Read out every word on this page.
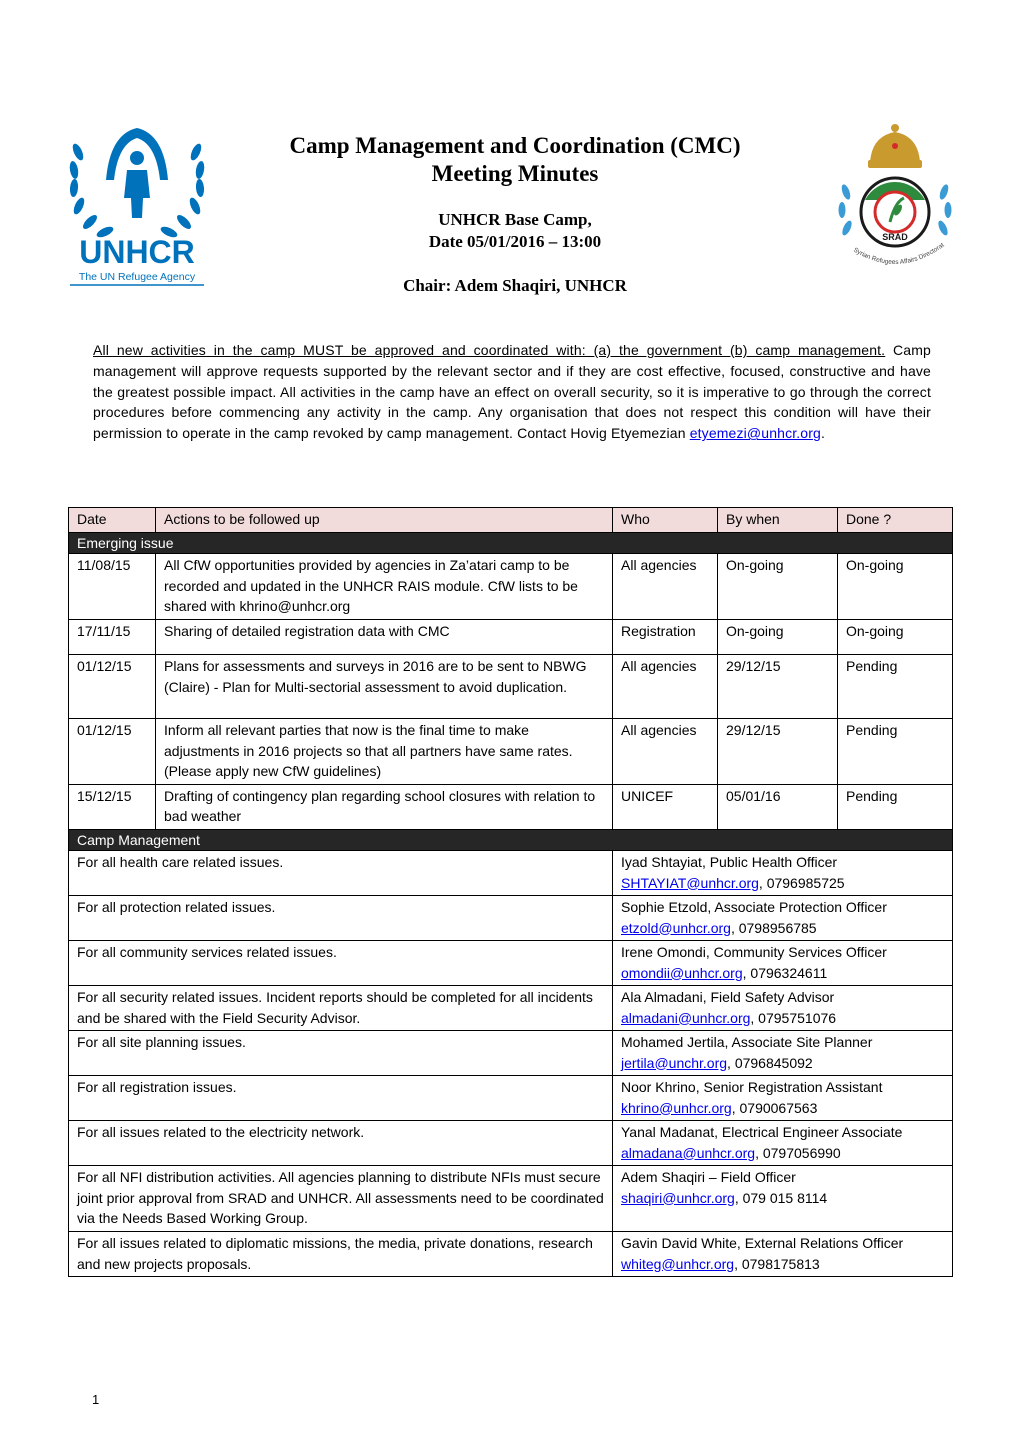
UNHCR
The UN Refugee Agency
SRAD
Syrian Refugees Affairs Directorat
Camp Management and Coordination (CMC)
Meeting Minutes
UNHCR Base Camp,
Date 05/01/2016 – 13:00
Chair: Adem Shaqiri, UNHCR
All new activities in the camp MUST be approved and coordinated with: (a) the government (b) camp management. Camp management will approve requests supported by the relevant sector and if they are cost effective, focused, constructive and have the greatest possible impact. All activities in the camp have an effect on overall security, so it is imperative to go through the correct procedures before commencing any activity in the camp. Any organisation that does not respect this condition will have their permission to operate in the camp revoked by camp management. Contact Hovig Etyemezian etyemezi@unhcr.org.
Date	Actions to be followed up	Who	By when	Done ?
Emerging issue				
11/08/15	All CfW opportunities provided by agencies in Za’atari camp to be recorded and updated in the UNHCR RAIS module. CfW lists to be shared with khrino@unhcr.org	All agencies	On-going	On-going
17/11/15	Sharing of detailed registration data with CMC	Registration	On-going	On-going
01/12/15	Plans for assessments and surveys in 2016 are to be sent to NBWG (Claire) - Plan for Multi-sectorial assessment to avoid duplication.	All agencies	29/12/15	Pending
01/12/15	Inform all relevant parties that now is the final time to make adjustments in 2016 projects so that all partners have same rates. (Please apply new CfW guidelines)	All agencies	29/12/15	Pending
15/12/15	Drafting of contingency plan regarding school closures with relation to bad weather	UNICEF	05/01/16	Pending
Camp Management				
For all health care related issues.		Iyad Shtayiat, Public Health Officer
SHTAYIAT@unhcr.org, 0796985725		
For all protection related issues.		Sophie Etzold, Associate Protection Officer
etzold@unhcr.org, 0798956785		
For all community services related issues.		Irene Omondi, Community Services Officer
omondii@unhcr.org, 0796324611		
For all security related issues. Incident reports should be completed for all incidents and be shared with the Field Security Advisor.		Ala Almadani, Field Safety Advisor
almadani@unhcr.org, 0795751076		
For all site planning issues.		Mohamed Jertila, Associate Site Planner
jertila@unchr.org, 0796845092		
For all registration issues.		Noor Khrino, Senior Registration Assistant
khrino@unhcr.org, 0790067563		
For all issues related to the electricity network.		Yanal Madanat, Electrical Engineer Associate
almadana@unhcr.org, 0797056990		
For all NFI distribution activities. All agencies planning to distribute NFIs must secure joint prior approval from SRAD and UNHCR. All assessments need to be coordinated via the Needs Based Working Group.		Adem Shaqiri – Field Officer
shaqiri@unhcr.org, 079 015 8114		
For all issues related to diplomatic missions, the media, private donations, research and new projects proposals.		Gavin David White, External Relations Officer
whiteg@unhcr.org, 0798175813		
1
